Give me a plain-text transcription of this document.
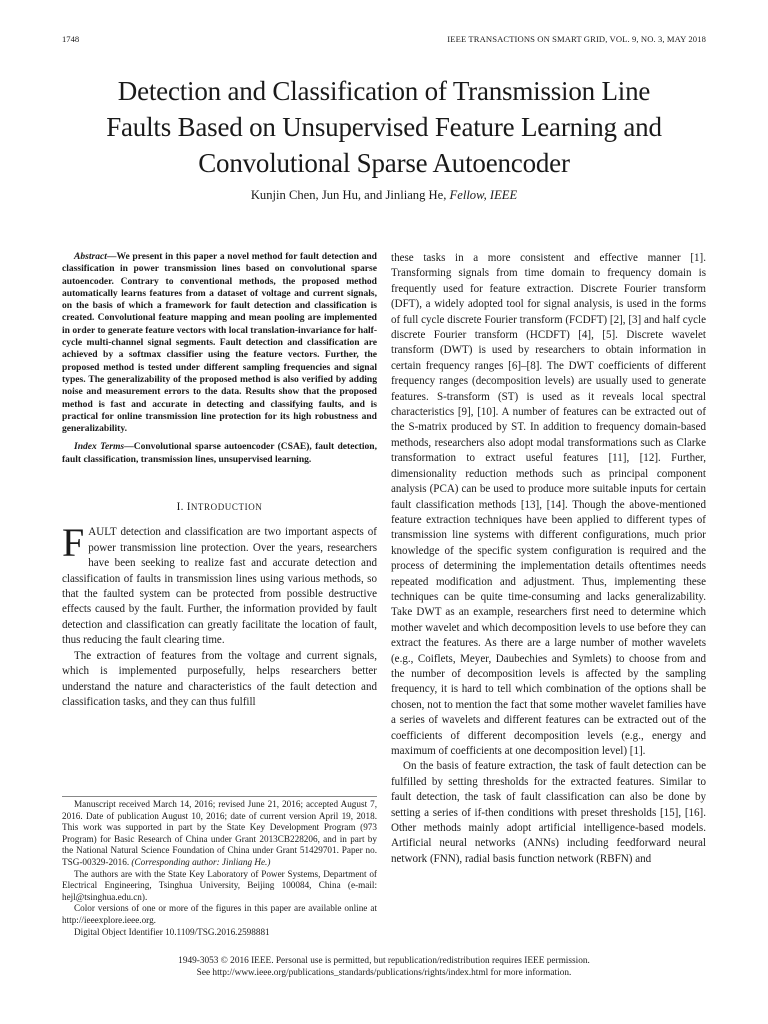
1748	IEEE TRANSACTIONS ON SMART GRID, VOL. 9, NO. 3, MAY 2018
Detection and Classification of Transmission Line
Faults Based on Unsupervised Feature Learning and
Convolutional Sparse Autoencoder
Kunjin Chen, Jun Hu, and Jinliang He, Fellow, IEEE

Abstract—We present in this paper a novel method for fault detection and classification in power transmission lines based on convolutional sparse autoencoder. Contrary to conventional methods, the proposed method automatically learns features from a dataset of voltage and current signals, on the basis of which a framework for fault detection and classification is created. Convolutional feature mapping and mean pooling are implemented in order to generate feature vectors with local translation-invariance for half-cycle multi-channel signal segments. Fault detection and classification are achieved by a softmax classifier using the feature vectors. Further, the proposed method is tested under different sampling frequencies and signal types. The generalizability of the proposed method is also verified by adding noise and measurement errors to the data. Results show that the proposed method is fast and accurate in detecting and classifying faults, and is practical for online transmission line protection for its high robustness and generalizability.

Index Terms—Convolutional sparse autoencoder (CSAE), fault detection, fault classification, transmission lines, unsupervised learning.

I. INTRODUCTION

FAULT detection and classification are two important aspects of power transmission line protection. Over the years, researchers have been seeking to realize fast and accurate detection and classification of faults in transmission lines using various methods, so that the faulted system can be protected from possible destructive effects caused by the fault. Further, the information provided by fault detection and classification can greatly facilitate the location of fault, thus reducing the fault clearing time.

The extraction of features from the voltage and current signals, which is implemented purposefully, helps researchers better understand the nature and characteristics of the fault detection and classification tasks, and they can thus fulfill

Manuscript received March 14, 2016; revised June 21, 2016; accepted August 7, 2016. Date of publication August 10, 2016; date of current version April 19, 2018. This work was supported in part by the State Key Development Program (973 Program) for Basic Research of China under Grant 2013CB228206, and in part by the National Natural Science Foundation of China under Grant 51429701. Paper no. TSG-00329-2016. (Corresponding author: Jinliang He.)

The authors are with the State Key Laboratory of Power Systems, Department of Electrical Engineering, Tsinghua University, Beijing 100084, China (e-mail: hejl@tsinghua.edu.cn).

Color versions of one or more of the figures in this paper are available online at http://ieeexplore.ieee.org.

Digital Object Identifier 10.1109/TSG.2016.2598881

these tasks in a more consistent and effective manner [1]. Transforming signals from time domain to frequency domain is frequently used for feature extraction. Discrete Fourier transform (DFT), a widely adopted tool for signal analysis, is used in the forms of full cycle discrete Fourier transform (FCDFT) [2], [3] and half cycle discrete Fourier transform (HCDFT) [4], [5]. Discrete wavelet transform (DWT) is used by researchers to obtain information in certain frequency ranges [6]–[8]. The DWT coefficients of different frequency ranges (decomposition levels) are usually used to generate features. S-transform (ST) is used as it reveals local spectral characteristics [9], [10]. A number of features can be extracted out of the S-matrix produced by ST. In addition to frequency domain-based methods, researchers also adopt modal transformations such as Clarke transformation to extract useful features [11], [12]. Further, dimensionality reduction methods such as principal component analysis (PCA) can be used to produce more suitable inputs for certain fault classification methods [13], [14]. Though the above-mentioned feature extraction techniques have been applied to different types of transmission line systems with different configurations, much prior knowledge of the specific system configuration is required and the process of determining the implementation details oftentimes needs repeated modification and adjustment. Thus, implementing these techniques can be quite time-consuming and lacks generalizability. Take DWT as an example, researchers first need to determine which mother wavelet and which decomposition levels to use before they can extract the features. As there are a large number of mother wavelets (e.g., Coiflets, Meyer, Daubechies and Symlets) to choose from and the number of decomposition levels is affected by the sampling frequency, it is hard to tell which combination of the options shall be chosen, not to mention the fact that some mother wavelet families have a series of wavelets and different features can be extracted out of the coefficients of different decomposition levels (e.g., energy and maximum of coefficients at one decomposition level) [1].

On the basis of feature extraction, the task of fault detection can be fulfilled by setting thresholds for the extracted features. Similar to fault detection, the task of fault classification can also be done by setting a series of if-then conditions with preset thresholds [15], [16]. Other methods mainly adopt artificial intelligence-based models. Artificial neural networks (ANNs) including feedforward neural network (FNN), radial basis function network (RBFN) and

1949-3053 © 2016 IEEE. Personal use is permitted, but republication/redistribution requires IEEE permission.
See http://www.ieee.org/publications_standards/publications/rights/index.html for more information.
